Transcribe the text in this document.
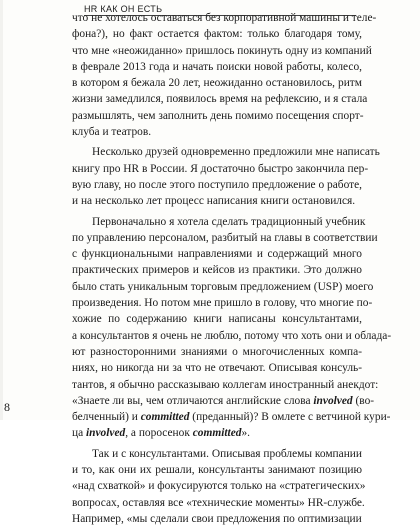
HR КАК ОН ЕСТЬ
что не хотелось оставаться без корпоративной машины и теле-
фона?), но факт остается фактом: только благодаря тому,
что мне «неожиданно» пришлось покинуть одну из компаний
в феврале 2013 года и начать поиски новой работы, колесо,
в котором я бежала 20 лет, неожиданно остановилось, ритм
жизни замедлился, появилось время на рефлексию, и я стала
размышлять, чем заполнить день помимо посещения спорт-
клуба и театров.
Несколько друзей одновременно предложили мне написать
книгу про HR в России. Я достаточно быстро закончила пер-
вую главу, но после этого поступило предложение о работе,
и на несколько лет процесс написания книги остановился.
Первоначально я хотела сделать традиционный учебник
по управлению персоналом, разбитый на главы в соответствии
с функциональными направлениями и содержащий много
практических примеров и кейсов из практики. Это должно
было стать уникальным торговым предложением (USP) моего
произведения. Но потом мне пришло в голову, что многие по-
хожие по содержанию книги написаны консультантами,
а консультантов я очень не люблю, потому что хоть они и облада-
ют разносторонними знаниями о многочисленных компа-
ниях, но никогда ни за что не отвечают. Описывая консуль-
тантов, я обычно рассказываю коллегам иностранный анекдот:
«Знаете ли вы, чем отличаются английские слова involved (во-
белченный) и committed (преданный)? В омлете с ветчиной кури-
ца involved, а поросенок committed».
Так и с консультантами. Описывая проблемы компании
и то, как они их решали, консультанты занимают позицию
«над схваткой» и фокусируются только на «стратегических»
вопросах, оставляя все «технические моменты» HR-службе.
Например, «мы сделали свои предложения по оптимизации
8
